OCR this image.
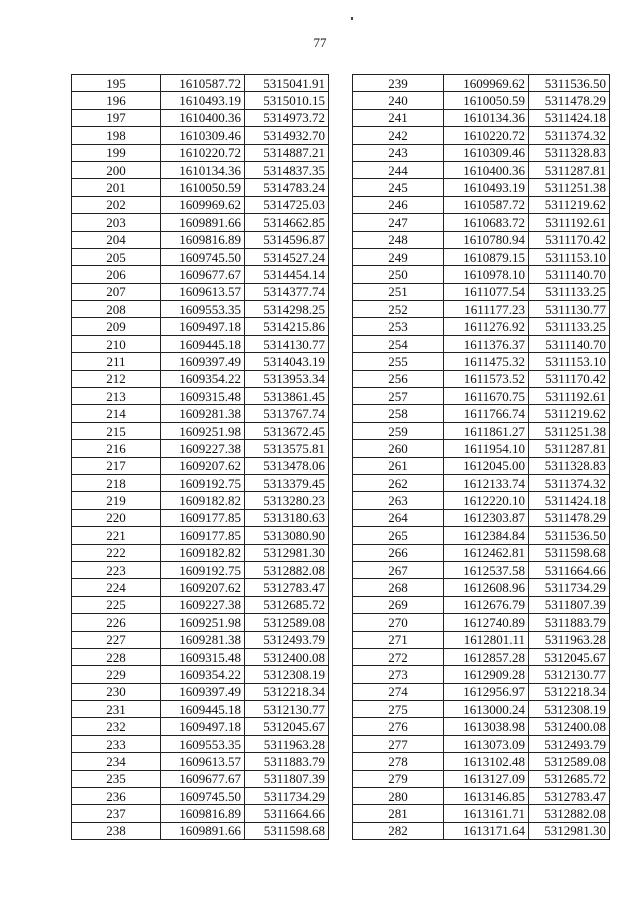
77
195	1610587.72	5315041.91
196	1610493.19	5315010.15
197	1610400.36	5314973.72
198	1610309.46	5314932.70
199	1610220.72	5314887.21
200	1610134.36	5314837.35
201	1610050.59	5314783.24
202	1609969.62	5314725.03
203	1609891.66	5314662.85
204	1609816.89	5314596.87
205	1609745.50	5314527.24
206	1609677.67	5314454.14
207	1609613.57	5314377.74
208	1609553.35	5314298.25
209	1609497.18	5314215.86
210	1609445.18	5314130.77
211	1609397.49	5314043.19
212	1609354.22	5313953.34
213	1609315.48	5313861.45
214	1609281.38	5313767.74
215	1609251.98	5313672.45
216	1609227.38	5313575.81
217	1609207.62	5313478.06
218	1609192.75	5313379.45
219	1609182.82	5313280.23
220	1609177.85	5313180.63
221	1609177.85	5313080.90
222	1609182.82	5312981.30
223	1609192.75	5312882.08
224	1609207.62	5312783.47
225	1609227.38	5312685.72
226	1609251.98	5312589.08
227	1609281.38	5312493.79
228	1609315.48	5312400.08
229	1609354.22	5312308.19
230	1609397.49	5312218.34
231	1609445.18	5312130.77
232	1609497.18	5312045.67
233	1609553.35	5311963.28
234	1609613.57	5311883.79
235	1609677.67	5311807.39
236	1609745.50	5311734.29
237	1609816.89	5311664.66
238	1609891.66	5311598.68
239	1609969.62	5311536.50
240	1610050.59	5311478.29
241	1610134.36	5311424.18
242	1610220.72	5311374.32
243	1610309.46	5311328.83
244	1610400.36	5311287.81
245	1610493.19	5311251.38
246	1610587.72	5311219.62
247	1610683.72	5311192.61
248	1610780.94	5311170.42
249	1610879.15	5311153.10
250	1610978.10	5311140.70
251	1611077.54	5311133.25
252	1611177.23	5311130.77
253	1611276.92	5311133.25
254	1611376.37	5311140.70
255	1611475.32	5311153.10
256	1611573.52	5311170.42
257	1611670.75	5311192.61
258	1611766.74	5311219.62
259	1611861.27	5311251.38
260	1611954.10	5311287.81
261	1612045.00	5311328.83
262	1612133.74	5311374.32
263	1612220.10	5311424.18
264	1612303.87	5311478.29
265	1612384.84	5311536.50
266	1612462.81	5311598.68
267	1612537.58	5311664.66
268	1612608.96	5311734.29
269	1612676.79	5311807.39
270	1612740.89	5311883.79
271	1612801.11	5311963.28
272	1612857.28	5312045.67
273	1612909.28	5312130.77
274	1612956.97	5312218.34
275	1613000.24	5312308.19
276	1613038.98	5312400.08
277	1613073.09	5312493.79
278	1613102.48	5312589.08
279	1613127.09	5312685.72
280	1613146.85	5312783.47
281	1613161.71	5312882.08
282	1613171.64	5312981.30
